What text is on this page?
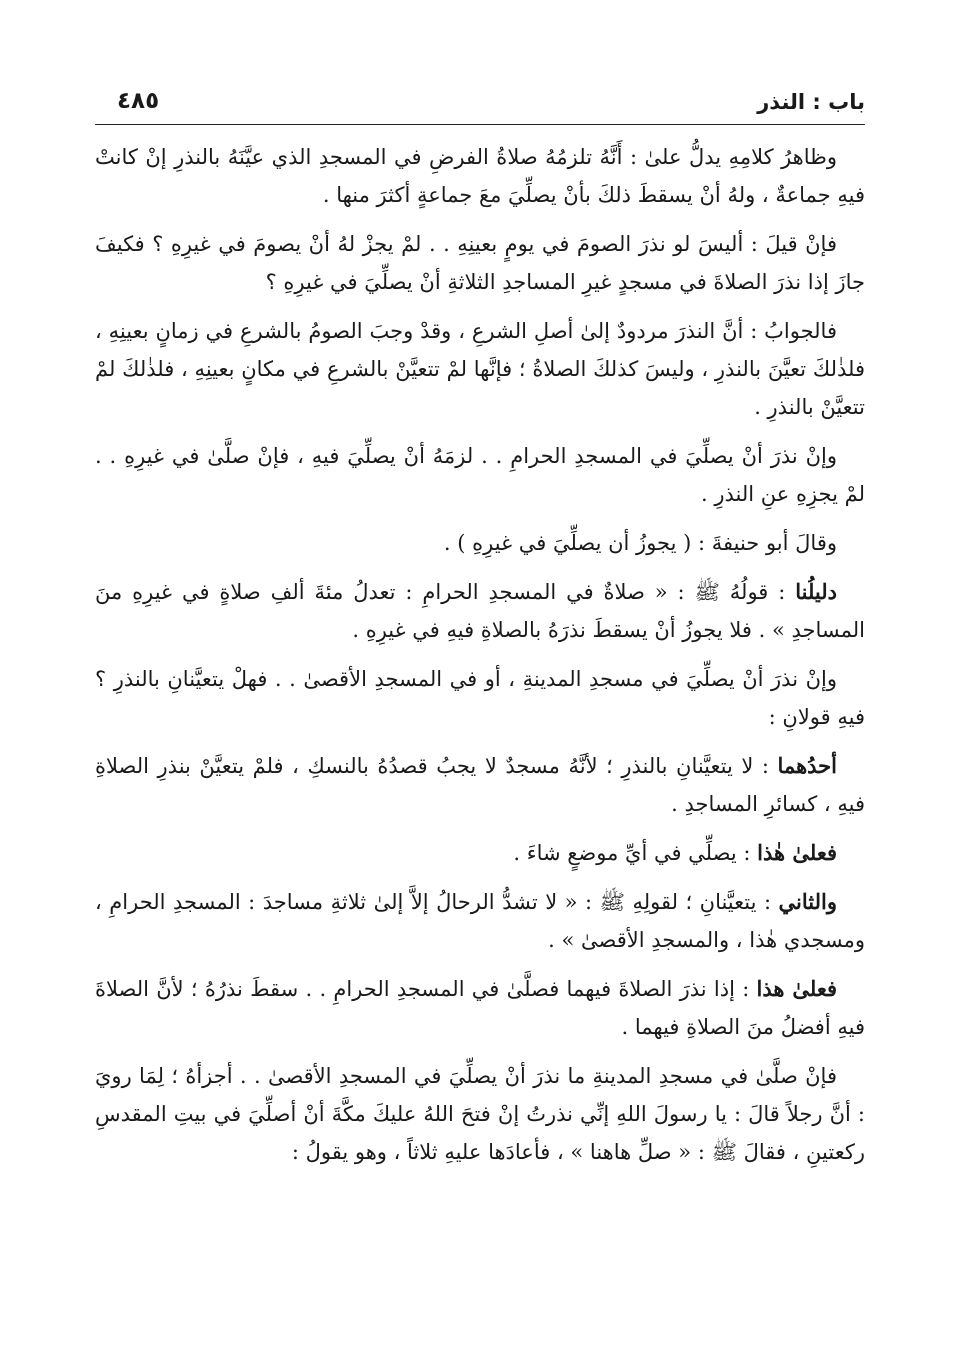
باب : النذر
٤٨٥

وظاهرُ كلامِهِ يدلُّ علىٰ : أَنَّهُ تلزمُهُ صلاةُ الفرضِ في المسجدِ الذي عيَّنَهُ بالنذرِ إنْ كانتْ فيهِ جماعةٌ ، ولهُ أنْ يسقطَ ذلكَ بأنْ يصلِّيَ معَ جماعةٍ أكثرَ منها .

فإنْ قيلَ : أليسَ لو نذرَ الصومَ في يومٍ بعينِهِ . . لمْ يجزْ لهُ أنْ يصومَ في غيرِهِ ؟ فكيفَ جازَ إذا نذرَ الصلاةَ في مسجدٍ غيرِ المساجدِ الثلاثةِ أنْ يصلِّيَ في غيرِهِ ؟

فالجوابُ : أنَّ النذرَ مردودٌ إلىٰ أصلِ الشرعِ ، وقدْ وجبَ الصومُ بالشرعِ في زمانٍ بعينِهِ ، فلذٰلكَ تعيَّنَ بالنذرِ ، وليسَ كذلكَ الصلاةُ ؛ فإنَّها لمْ تتعيَّنْ بالشرعِ في مكانٍ بعينِهِ ، فلذٰلكَ لمْ تتعيَّنْ بالنذرِ .

وإنْ نذرَ أنْ يصلِّيَ في المسجدِ الحرامِ . . لزمَهُ أنْ يصلِّيَ فيهِ ، فإنْ صلَّىٰ في غيرِهِ . . لمْ يجزِهِ عنِ النذرِ .

وقالَ أبو حنيفةَ : ( يجوزُ أن يصلِّيَ في غيرِهِ ) .

دليلُنا : قولُهُ ﷺ : « صلاةٌ في المسجدِ الحرامِ : تعدلُ مئةَ ألفِ صلاةٍ في غيرِهِ منَ المساجدِ » . فلا يجوزُ أنْ يسقطَ نذرَهُ بالصلاةِ فيهِ في غيرِهِ .

وإنْ نذرَ أنْ يصلِّيَ في مسجدِ المدينةِ ، أو في المسجدِ الأقصىٰ . . فهلْ يتعيَّنانِ بالنذرِ ؟ فيهِ قولانِ :

أحدُهما : لا يتعيَّنانِ بالنذرِ ؛ لأنَّهُ مسجدٌ لا يجبُ قصدُهُ بالنسكِ ، فلمْ يتعيَّنْ بنذرِ الصلاةِ فيهِ ، كسائرِ المساجدِ .

فعلىٰ هٰذا : يصلِّي في أيِّ موضعٍ شاءَ .

والثاني : يتعيَّنانِ ؛ لقولِهِ ﷺ : « لا تشدُّ الرحالُ إلاَّ إلىٰ ثلاثةِ مساجدَ : المسجدِ الحرامِ ، ومسجدي هٰذا ، والمسجدِ الأقصىٰ » .

فعلىٰ هذا : إذا نذرَ الصلاةَ فيهما فصلَّىٰ في المسجدِ الحرامِ . . سقطَ نذرُهُ ؛ لأنَّ الصلاةَ فيهِ أفضلُ منَ الصلاةِ فيهما .

فإنْ صلَّىٰ في مسجدِ المدينةِ ما نذرَ أنْ يصلِّيَ في المسجدِ الأقصىٰ . . أجزأهُ ؛ لِمَا رويَ : أنَّ رجلاً قالَ : يا رسولَ اللهِ إنِّي نذرتُ إنْ فتحَ اللهُ عليكَ مكَّةَ أنْ أصلِّيَ في بيتِ المقدسِ ركعتينِ ، فقالَ ﷺ : « صلِّ هاهنا » ، فأعادَها عليهِ ثلاثاً ، وهو يقولُ :
